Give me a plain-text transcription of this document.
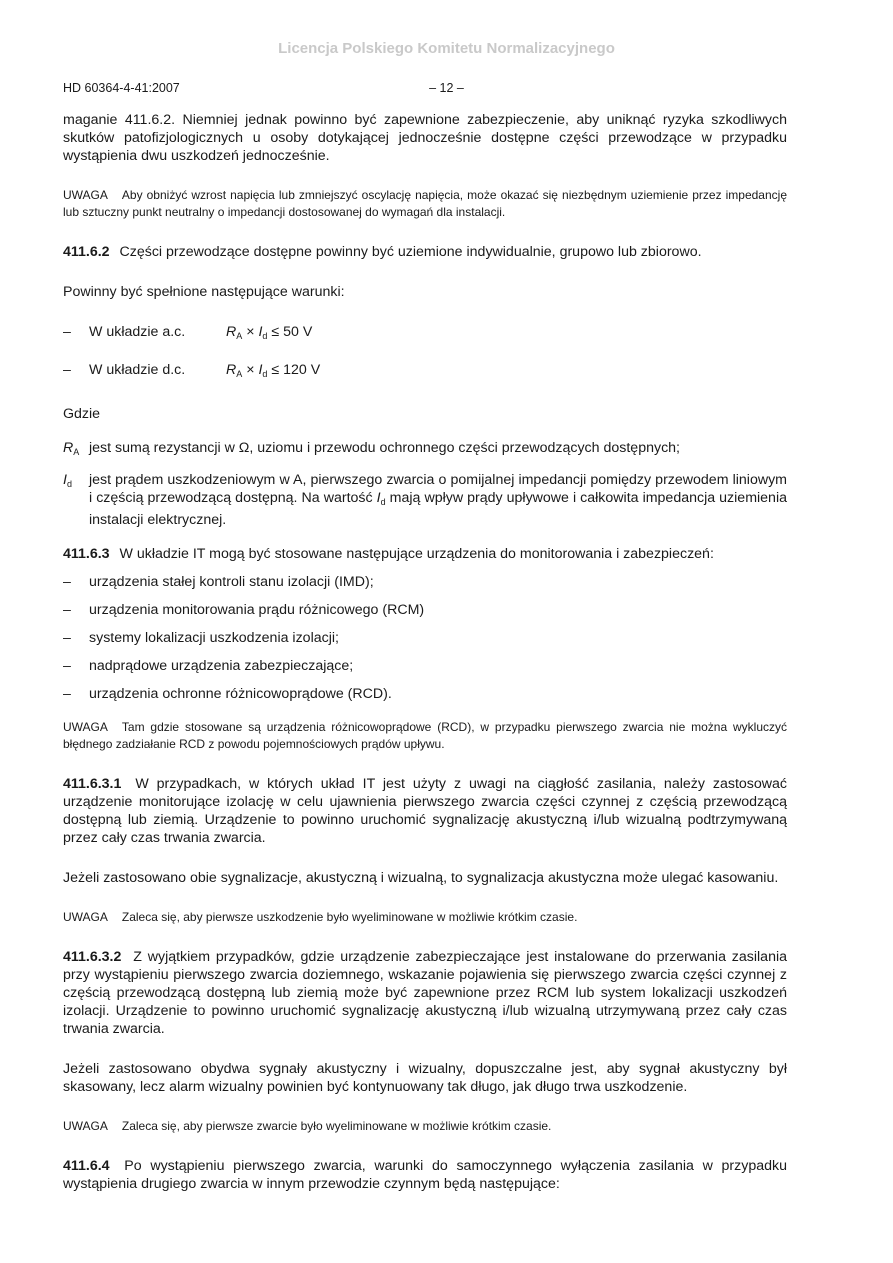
Licencja Polskiego Komitetu Normalizacyjnego
HD 60364-4-41:2007	– 12 –

maganie 411.6.2. Niemniej jednak powinno być zapewnione zabezpieczenie, aby uniknąć ryzyka szkodliwych skutków patofizjologicznych u osoby dotykającej jednocześnie dostępne części przewodzące w przypadku wystąpienia dwu uszkodzeń jednocześnie.

UWAGA Aby obniżyć wzrost napięcia lub zmniejszyć oscylację napięcia, może okazać się niezbędnym uziemienie przez impedancję lub sztuczny punkt neutralny o impedancji dostosowanej do wymagań dla instalacji.

411.6.2 Części przewodzące dostępne powinny być uziemione indywidualnie, grupowo lub zbiorowo.

Powinny być spełnione następujące warunki:

–	W układzie a.c.	$R_A \times I_d \le 50$ V
–	W układzie d.c.	$R_A \times I_d \le 120$ V

Gdzie

$R_A$ jest sumą rezystancji w Ω, uziomu i przewodu ochronnego części przewodzących dostępnych;
$I_d$	jest prądem uszkodzeniowym w A, pierwszego zwarcia o pomijalnej impedancji pomiędzy przewodem liniowym i częścią przewodzącą dostępną. Na wartość $I_d$ mają wpływ prądy upływowe i całkowita impedancja uziemienia instalacji elektrycznej.

411.6.3 W układzie IT mogą być stosowane następujące urządzenia do monitorowania i zabezpieczeń:

–	urządzenia stałej kontroli stanu izolacji (IMD);
–	urządzenia monitorowania prądu różnicowego (RCM)
–	systemy lokalizacji uszkodzenia izolacji;
–	nadprądowe urządzenia zabezpieczające;
–	urządzenia ochronne różnicowoprądowe (RCD).

UWAGA Tam gdzie stosowane są urządzenia różnicowoprądowe (RCD), w przypadku pierwszego zwarcia nie można wykluczyć błędnego zadziałanie RCD z powodu pojemnościowych prądów upływu.

411.6.3.1 W przypadkach, w których układ IT jest użyty z uwagi na ciągłość zasilania, należy zastosować urządzenie monitorujące izolację w celu ujawnienia pierwszego zwarcia części czynnej z częścią przewodzącą dostępną lub ziemią. Urządzenie to powinno uruchomić sygnalizację akustyczną i/lub wizualną podtrzymywaną przez cały czas trwania zwarcia.

Jeżeli zastosowano obie sygnalizacje, akustyczną i wizualną, to sygnalizacja akustyczna może ulegać kasowaniu.

UWAGA Zaleca się, aby pierwsze uszkodzenie było wyeliminowane w możliwie krótkim czasie.

411.6.3.2 Z wyjątkiem przypadków, gdzie urządzenie zabezpieczające jest instalowane do przerwania zasilania przy wystąpieniu pierwszego zwarcia doziemnego, wskazanie pojawienia się pierwszego zwarcia części czynnej z częścią przewodzącą dostępną lub ziemią może być zapewnione przez RCM lub system lokalizacji uszkodzeń izolacji. Urządzenie to powinno uruchomić sygnalizację akustyczną i/lub wizualną utrzymywaną przez cały czas trwania zwarcia.

Jeżeli zastosowano obydwa sygnały akustyczny i wizualny, dopuszczalne jest, aby sygnał akustyczny był skasowany, lecz alarm wizualny powinien być kontynuowany tak długo, jak długo trwa uszkodzenie.

UWAGA Zaleca się, aby pierwsze zwarcie było wyeliminowane w możliwie krótkim czasie.

411.6.4 Po wystąpieniu pierwszego zwarcia, warunki do samoczynnego wyłączenia zasilania w przypadku wystąpienia drugiego zwarcia w innym przewodzie czynnym będą następujące:
